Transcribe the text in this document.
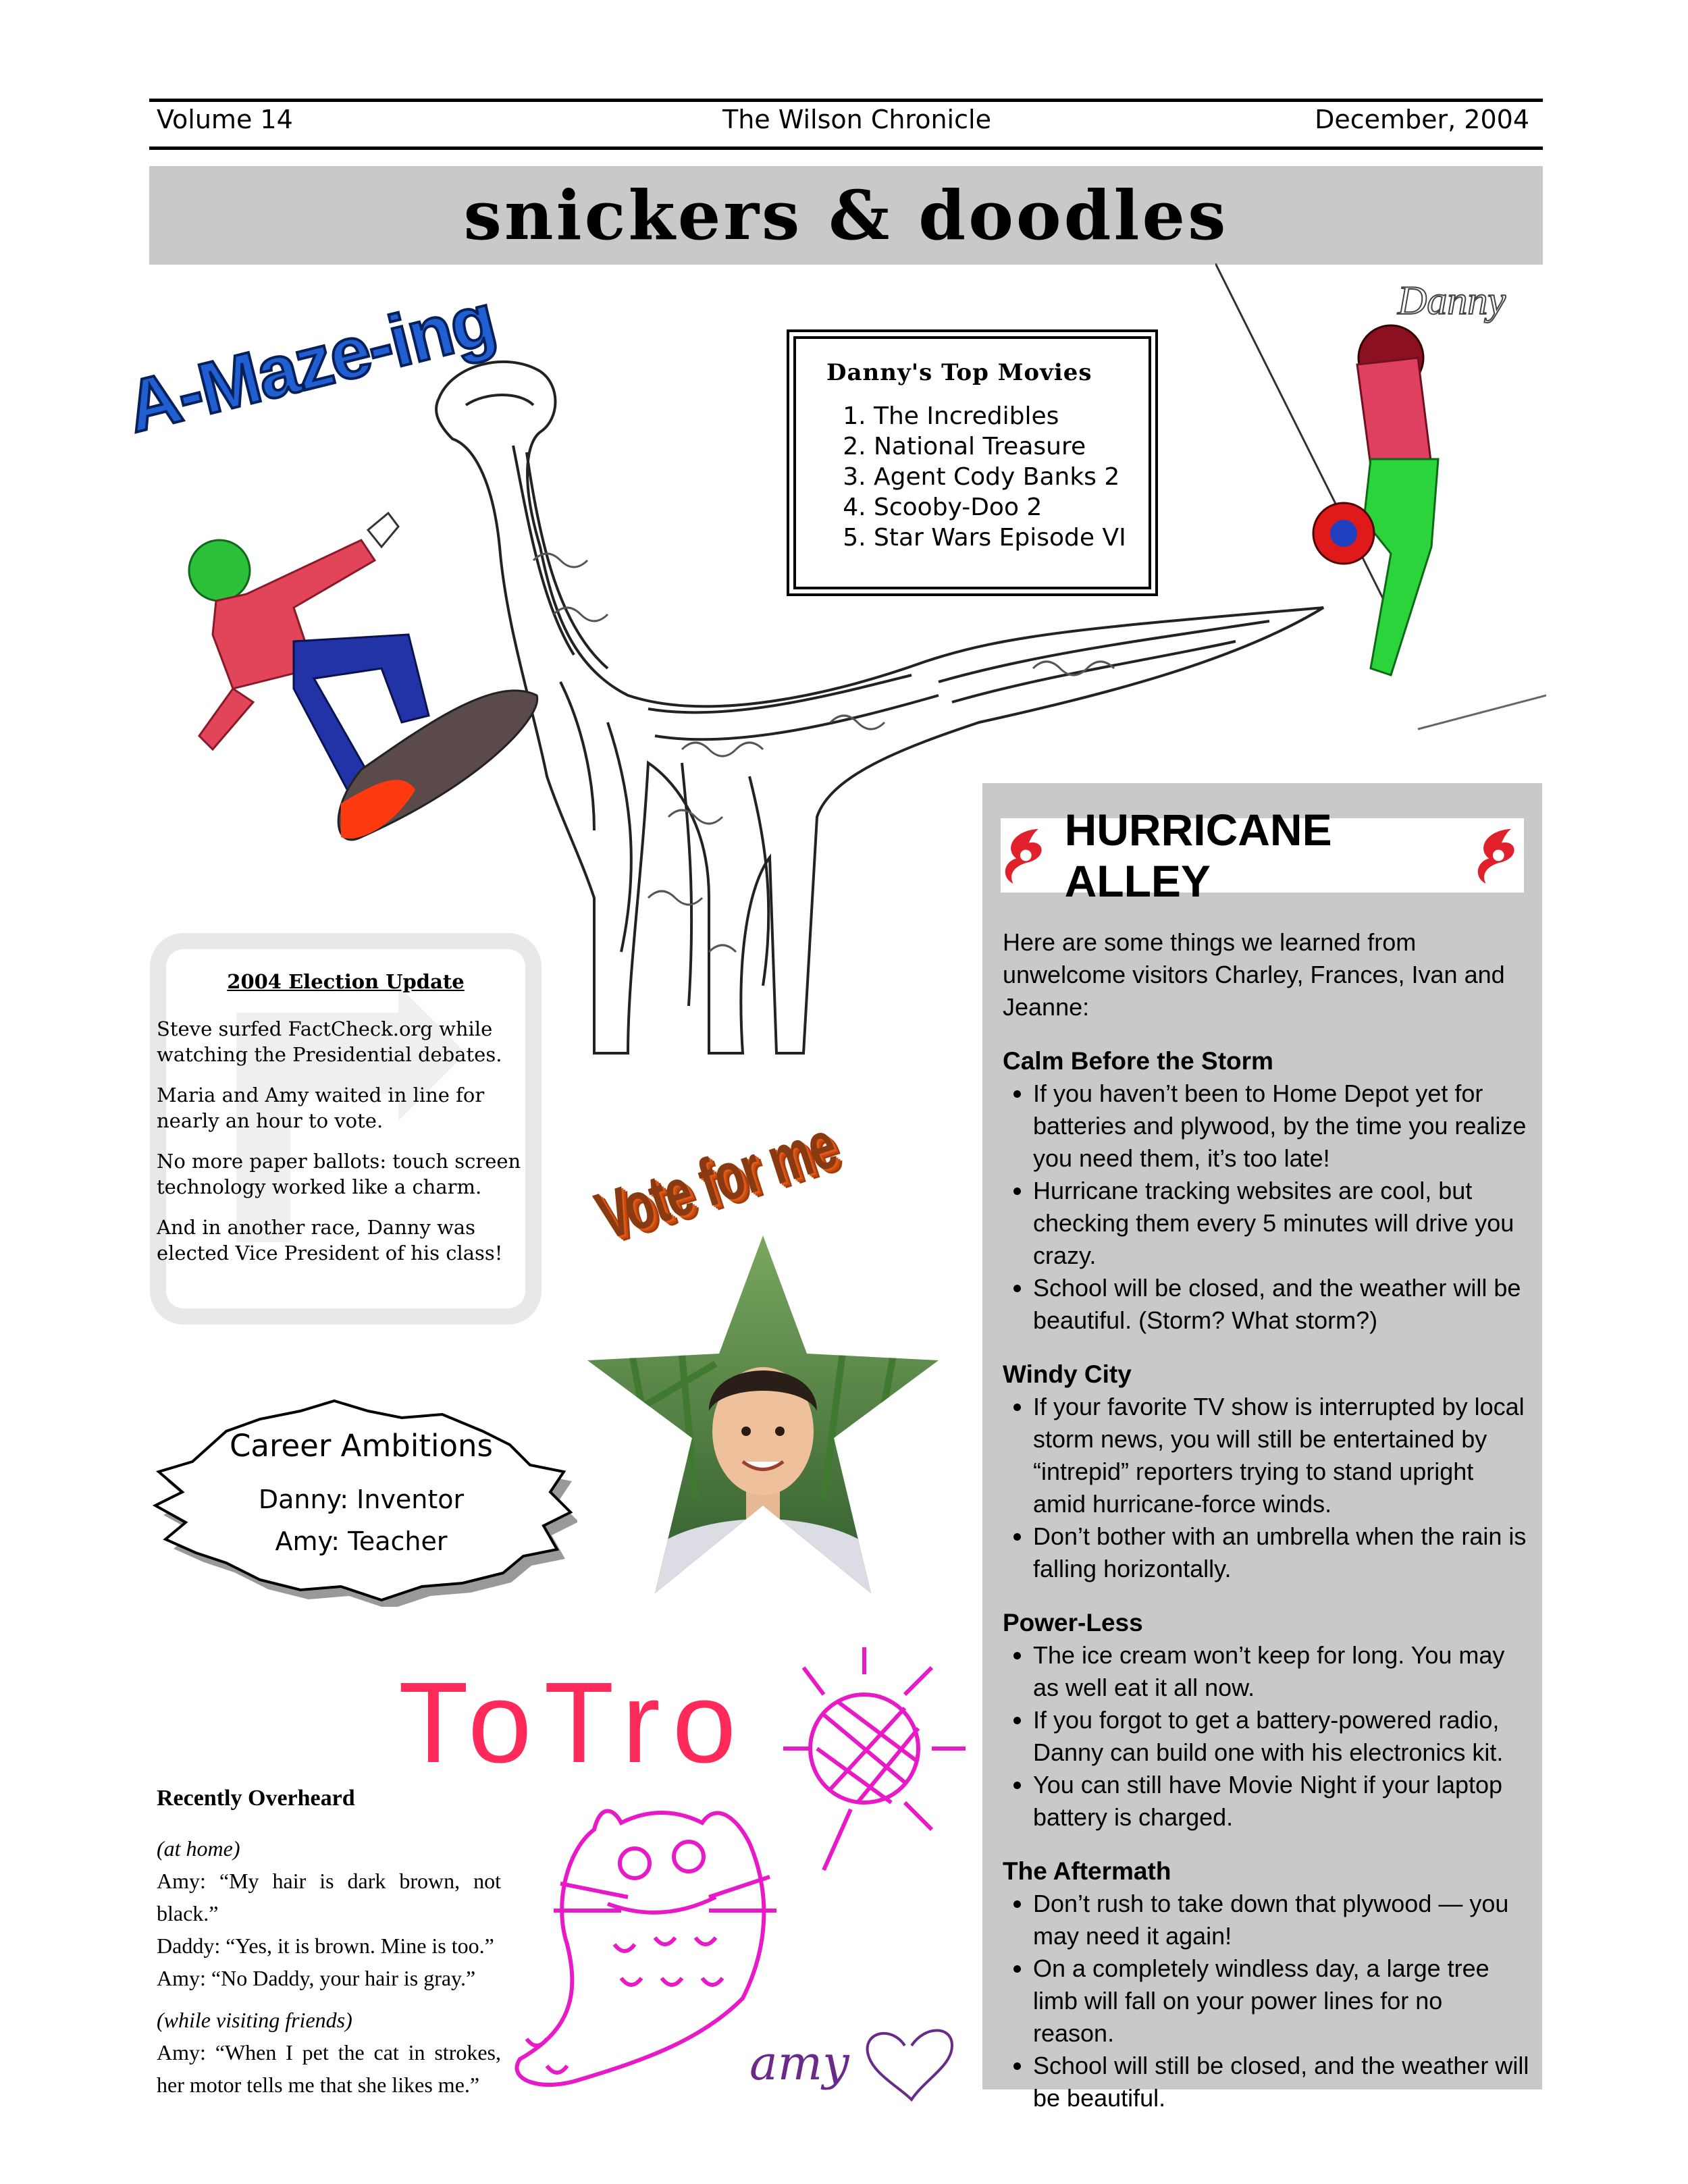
Volume 14	The Wilson Chronicle	December, 2004
snickers & doodles
A-Maze-ing	Danny
Danny's Top Movies
1. The Incredibles
2. National Treasure
3. Agent Cody Banks 2
4. Scooby-Doo 2
5. Star Wars Episode VI
2004 Election Update

Steve surfed FactCheck.org while watching the Presidential debates.

Maria and Amy waited in line for nearly an hour to vote.

No more paper ballots: touch screen technology worked like a charm.

And in another race, Danny was elected Vice President of his class!	Vote for me
Career Ambitions
Danny: Inventor
Amy: Teacher
ToTro
amy
Recently Overheard

(at home)
Amy: “My hair is dark brown, not black.”
Daddy: “Yes, it is brown. Mine is too.”
Amy: “No Daddy, your hair is gray.”

(while visiting friends)
Amy: “When I pet the cat in strokes, her motor tells me that she likes me.”

HURRICANE ALLEY

Here are some things we learned from unwelcome visitors Charley, Frances, Ivan and Jeanne:

Calm Before the Storm
• If you haven’t been to Home Depot yet for batteries and plywood, by the time you realize you need them, it’s too late!
• Hurricane tracking websites are cool, but checking them every 5 minutes will drive you crazy.
• School will be closed, and the weather will be beautiful. (Storm? What storm?)
Windy City
• If your favorite TV show is interrupted by local storm news, you will still be entertained by “intrepid” reporters trying to stand upright amid hurricane-force winds.
• Don’t bother with an umbrella when the rain is falling horizontally.
Power-Less
• The ice cream won’t keep for long. You may as well eat it all now.
• If you forgot to get a battery-powered radio, Danny can build one with his electronics kit.
• You can still have Movie Night if your laptop battery is charged.
The Aftermath
• Don’t rush to take down that plywood — you may need it again!
• On a completely windless day, a large tree limb will fall on your power lines for no reason.
• School will still be closed, and the weather will be beautiful.
